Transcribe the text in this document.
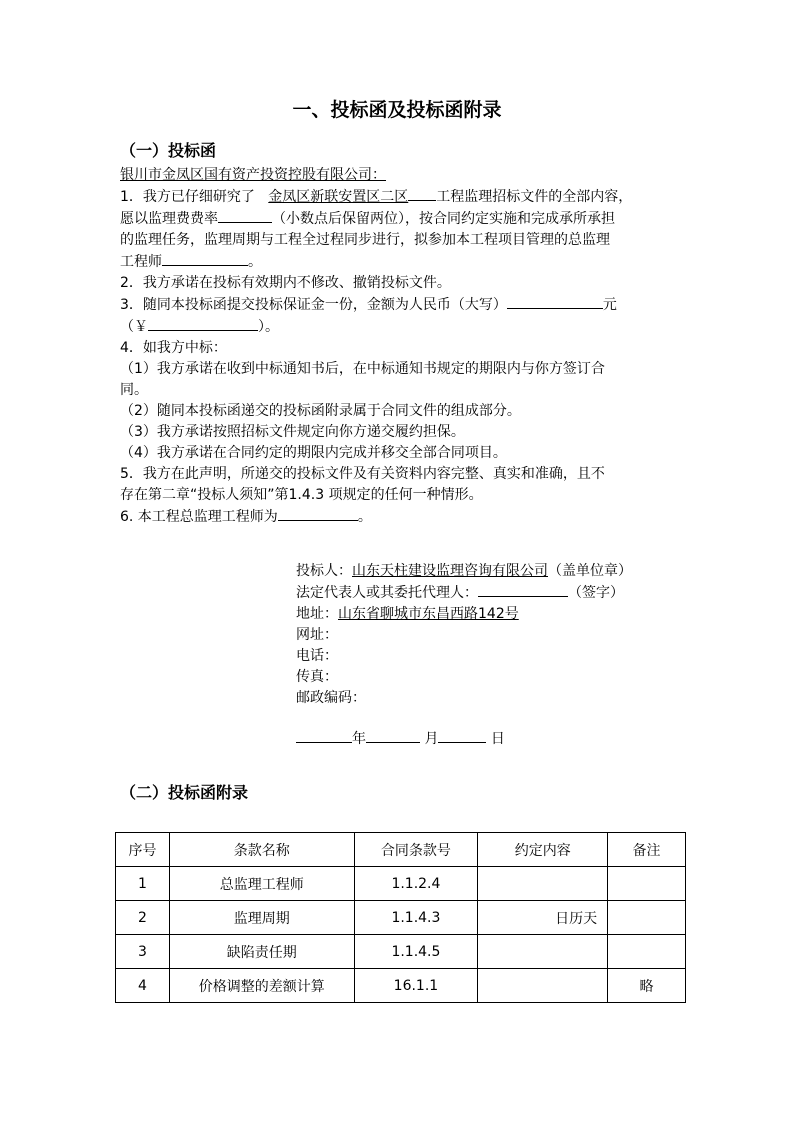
一、投标函及投标函附录
（一）投标函
银川市金凤区国有资产投资控股有限公司：
1．我方已仔细研究了 金凤区新联安置区二区 工程监理招标文件的全部内容，
愿以监理费费率	（小数点后保留两位），按合同约定实施和完成承所承担
的监理任务，监理周期与工程全过程同步进行，拟参加本工程项目管理的总监理
工程师	。
2．我方承诺在投标有效期内不修改、撤销投标文件。
3．随同本投标函提交投标保证金一份，金额为人民币（大写）	元
（￥	）。
4．如我方中标：
（1）我方承诺在收到中标通知书后，在中标通知书规定的期限内与你方签订合
同。
（2）随同本投标函递交的投标函附录属于合同文件的组成部分。
（3）我方承诺按照招标文件规定向你方递交履约担保。
（4）我方承诺在合同约定的期限内完成并移交全部合同项目。
5．我方在此声明，所递交的投标文件及有关资料内容完整、真实和准确，且不
存在第二章“投标人须知”第1.4.3 项规定的任何一种情形。
6. 本工程总监理工程师为	。
投标人：山东天柱建设监理咨询有限公司（盖单位章）
法定代表人或其委托代理人：	（签字）
地址：山东省聊城市东昌西路142号
网址：
电话：
传真：
邮政编码：
年	月	日
（二）投标函附录
序号	条款名称	合同条款号	约定内容	备注
1	总监理工程师	1.1.2.4		
2	监理周期	1.1.4.3	日历天	
3	缺陷责任期	1.1.4.5		
4	价格调整的差额计算	16.1.1		略
